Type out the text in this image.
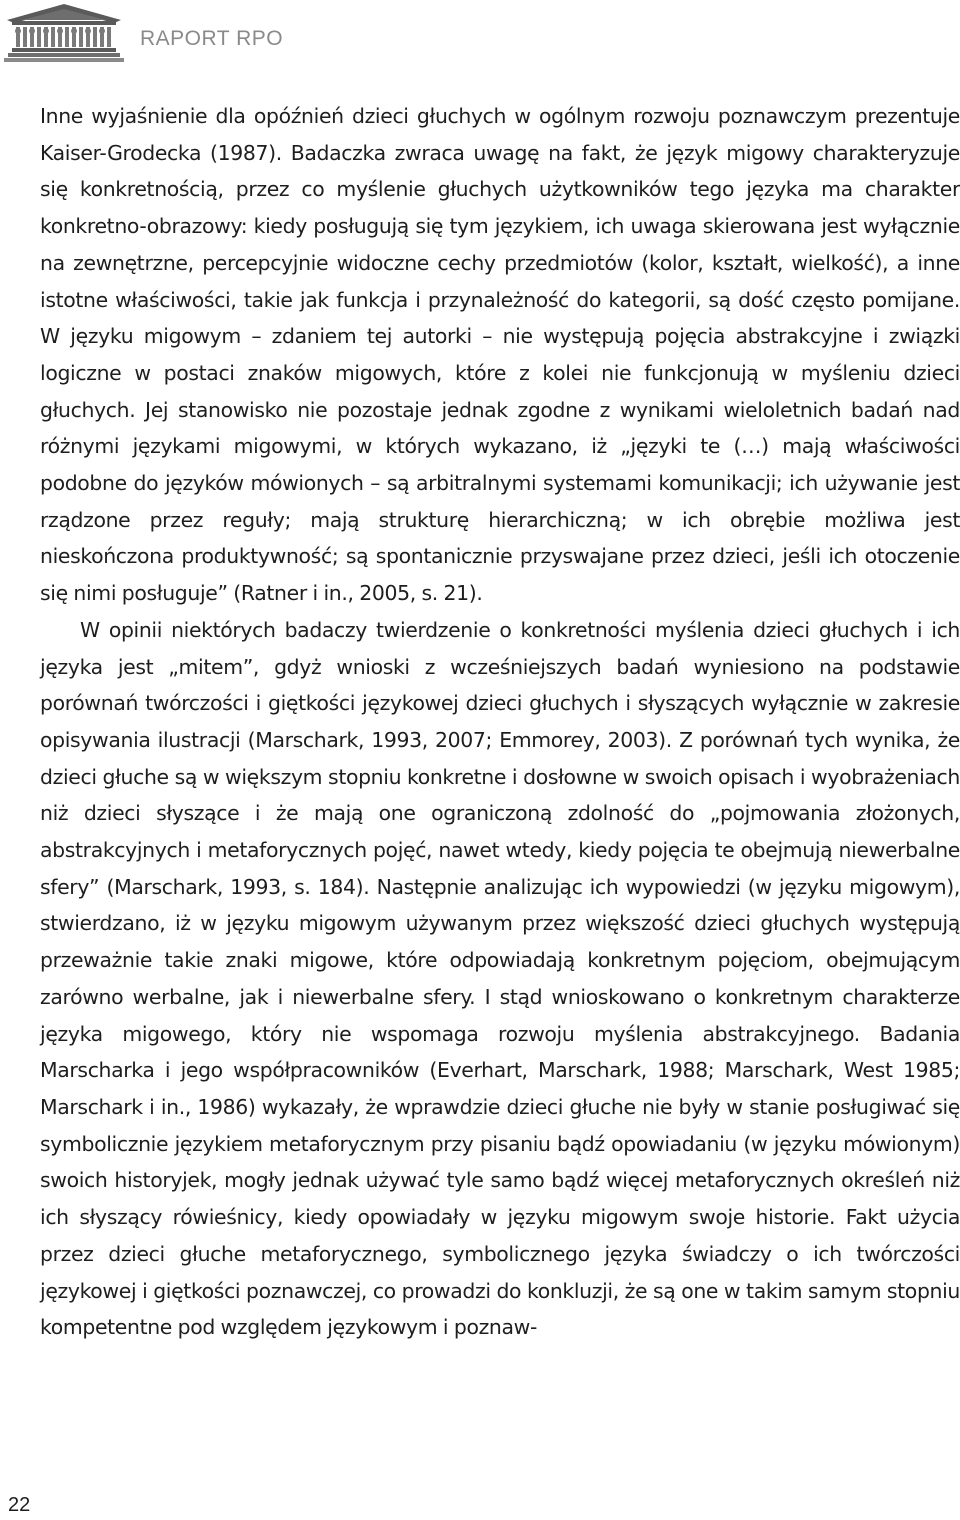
RAPORT RPO

Inne wyjaśnienie dla opóźnień dzieci głuchych w ogólnym rozwoju poznawczym prezentuje Kaiser-Grodecka (1987). Badaczka zwraca uwagę na fakt, że język migowy charakteryzuje się konkretnością, przez co myślenie głuchych użytkowników tego języka ma charakter konkretno-obrazowy: kiedy posługują się tym językiem, ich uwaga skierowana jest wyłącznie na zewnętrzne, percepcyjnie widoczne cechy przedmiotów (kolor, kształt, wielkość), a inne istotne właściwości, takie jak funkcja i przynależność do kategorii, są dość często pomijane. W języku migowym – zdaniem tej autorki – nie występują pojęcia abstrakcyjne i związki logiczne w postaci znaków migowych, które z kolei nie funkcjonują w myśleniu dzieci głuchych. Jej stanowisko nie pozostaje jednak zgodne z wynikami wieloletnich badań nad różnymi językami migowymi, w których wykazano, iż „języki te (…) mają właściwości podobne do języków mówionych – są arbitralnymi systemami komunikacji; ich używanie jest rządzone przez reguły; mają strukturę hierarchiczną; w ich obrębie możliwa jest nieskończona produktywność; są spontanicznie przyswajane przez dzieci, jeśli ich otoczenie się nimi posługuje” (Ratner i in., 2005, s. 21).

W opinii niektórych badaczy twierdzenie o konkretności myślenia dzieci głuchych i ich języka jest „mitem”, gdyż wnioski z wcześniejszych badań wyniesiono na podstawie porównań twórczości i giętkości językowej dzieci głuchych i słyszących wyłącznie w zakresie opisywania ilustracji (Marschark, 1993, 2007; Emmorey, 2003). Z porównań tych wynika, że dzieci głuche są w większym stopniu konkretne i dosłowne w swoich opisach i wyobrażeniach niż dzieci słyszące i że mają one ograniczoną zdolność do „pojmowania złożonych, abstrakcyjnych i metaforycznych pojęć, nawet wtedy, kiedy pojęcia te obejmują niewerbalne sfery” (Marschark, 1993, s. 184). Następnie analizując ich wypowiedzi (w języku migowym), stwierdzano, iż w języku migowym używanym przez większość dzieci głuchych występują przeważnie takie znaki migowe, które odpowiadają konkretnym pojęciom, obejmującym zarówno werbalne, jak i niewerbalne sfery. I stąd wnioskowano o konkretnym charakterze języka migowego, który nie wspomaga rozwoju myślenia abstrakcyjnego. Badania Marscharka i jego współpracowników (Everhart, Marschark, 1988; Marschark, West 1985; Marschark i in., 1986) wykazały, że wprawdzie dzieci głuche nie były w stanie posługiwać się symbolicznie językiem metaforycznym przy pisaniu bądź opowiadaniu (w języku mówionym) swoich historyjek, mogły jednak używać tyle samo bądź więcej metaforycznych określeń niż ich słyszący rówieśnicy, kiedy opowiadały w języku migowym swoje historie. Fakt użycia przez dzieci głuche metaforycznego, symbolicznego języka świadczy o ich twórczości językowej i giętkości poznawczej, co prowadzi do konkluzji, że są one w takim samym stopniu kompetentne pod względem językowym i poznaw-

22
